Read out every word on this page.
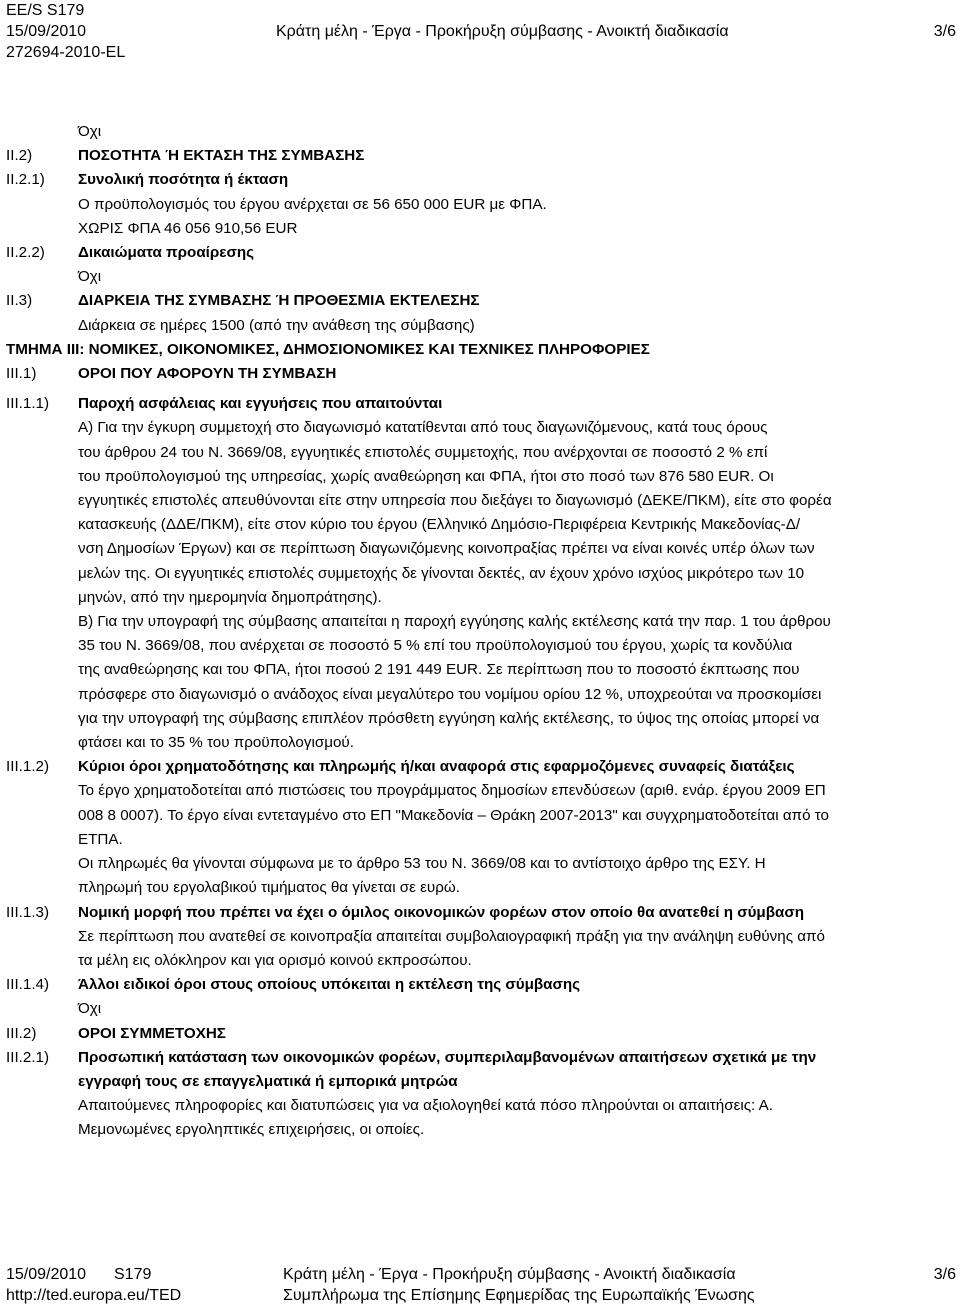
EE/S S179
15/09/2010	Κράτη μέλη - Έργα - Προκήρυξη σύμβασης - Ανοικτή διαδικασία	3/6
272694-2010-EL
Όχι
II.2)	ΠΟΣΟΤΗΤΑ Ή ΕΚΤΑΣΗ ΤΗΣ ΣΥΜΒΑΣΗΣ
II.2.1)	Συνολική ποσότητα ή έκταση
Ο προϋπολογισμός του έργου ανέρχεται σε 56 650 000 EUR με ΦΠΑ.
ΧΩΡΙΣ ΦΠΑ 46 056 910,56 EUR
II.2.2)	Δικαιώματα προαίρεσης
Όχι
II.3)	ΔΙΑΡΚΕΙΑ ΤΗΣ ΣΥΜΒΑΣΗΣ Ή ΠΡΟΘΕΣΜΙΑ ΕΚΤΕΛΕΣΗΣ
Διάρκεια σε ημέρες 1500 (από την ανάθεση της σύμβασης)
ΤΜΗΜΑ III: ΝΟΜΙΚΕΣ, ΟΙΚΟΝΟΜΙΚΕΣ, ΔΗΜΟΣΙΟΝΟΜΙΚΕΣ ΚΑΙ ΤΕΧΝΙΚΕΣ ΠΛΗΡΟΦΟΡΙΕΣ
III.1)	ΟΡΟΙ ΠΟΥ ΑΦΟΡΟΥΝ ΤΗ ΣΥΜΒΑΣΗ
III.1.1)	Παροχή ασφάλειας και εγγυήσεις που απαιτούνται
Α) Για την έγκυρη συμμετοχή στο διαγωνισμό κατατίθενται από τους διαγωνιζόμενους, κατά τους όρους
του άρθρου 24 του Ν. 3669/08, εγγυητικές επιστολές συμμετοχής, που ανέρχονται σε ποσοστό 2 % επί
του προϋπολογισμού της υπηρεσίας, χωρίς αναθεώρηση και ΦΠΑ, ήτοι στο ποσό των 876 580 EUR. Οι
εγγυητικές επιστολές απευθύνονται είτε στην υπηρεσία που διεξάγει το διαγωνισμό (ΔΕΚΕ/ΠΚΜ), είτε στο φορέα
κατασκευής (ΔΔΕ/ΠΚΜ), είτε στον κύριο του έργου (Ελληνικό Δημόσιο-Περιφέρεια Κεντρικής Μακεδονίας-Δ/
νση Δημοσίων Έργων) και σε περίπτωση διαγωνιζόμενης κοινοπραξίας πρέπει να είναι κοινές υπέρ όλων των
μελών της. Οι εγγυητικές επιστολές συμμετοχής δε γίνονται δεκτές, αν έχουν χρόνο ισχύος μικρότερο των 10
μηνών, από την ημερομηνία δημοπράτησης).
Β) Για την υπογραφή της σύμβασης απαιτείται η παροχή εγγύησης καλής εκτέλεσης κατά την παρ. 1 του άρθρου
35 του Ν. 3669/08, που ανέρχεται σε ποσοστό 5 % επί του προϋπολογισμού του έργου, χωρίς τα κονδύλια
της αναθεώρησης και του ΦΠΑ, ήτοι ποσού 2 191 449 EUR. Σε περίπτωση που το ποσοστό έκπτωσης που
πρόσφερε στο διαγωνισμό ο ανάδοχος είναι μεγαλύτερο του νομίμου ορίου 12 %, υποχρεούται να προσκομίσει
για την υπογραφή της σύμβασης επιπλέον πρόσθετη εγγύηση καλής εκτέλεσης, το ύψος της οποίας μπορεί να
φτάσει και το 35 % του προϋπολογισμού.
III.1.2)	Κύριοι όροι χρηματοδότησης και πληρωμής ή/και αναφορά στις εφαρμοζόμενες συναφείς διατάξεις
Το έργο χρηματοδοτείται από πιστώσεις του προγράμματος δημοσίων επενδύσεων (αριθ. ενάρ. έργου 2009 ΕΠ
008 8 0007). Το έργο είναι εντεταγμένο στο ΕΠ "Μακεδονία – Θράκη 2007-2013" και συγχρηματοδοτείται από το
ΕΤΠΑ.
Οι πληρωμές θα γίνονται σύμφωνα με το άρθρο 53 του Ν. 3669/08 και το αντίστοιχο άρθρο της ΕΣΥ. Η
πληρωμή του εργολαβικού τιμήματος θα γίνεται σε ευρώ.
III.1.3)	Νομική μορφή που πρέπει να έχει ο όμιλος οικονομικών φορέων στον οποίο θα ανατεθεί η σύμβαση
Σε περίπτωση που ανατεθεί σε κοινοπραξία απαιτείται συμβολαιογραφική πράξη για την ανάληψη ευθύνης από
τα μέλη εις ολόκληρον και για ορισμό κοινού εκπροσώπου.
III.1.4)	Άλλοι ειδικοί όροι στους οποίους υπόκειται η εκτέλεση της σύμβασης
Όχι
III.2)	ΟΡΟΙ ΣΥΜΜΕΤΟΧΗΣ
III.2.1)	Προσωπική κατάσταση των οικονομικών φορέων, συμπεριλαμβανομένων απαιτήσεων σχετικά με την
εγγραφή τους σε επαγγελματικά ή εμπορικά μητρώα
Απαιτούμενες πληροφορίες και διατυπώσεις για να αξιολογηθεί κατά πόσο πληρούνται οι απαιτήσεις: Α.
Μεμονωμένες εργοληπτικές επιχειρήσεις, οι οποίες.
15/09/2010 S179	Κράτη μέλη - Έργα - Προκήρυξη σύμβασης - Ανοικτή διαδικασία	3/6
http://ted.europa.eu/TED	Συμπλήρωμα της Επίσημης Εφημερίδας της Ευρωπαϊκής Ένωσης
